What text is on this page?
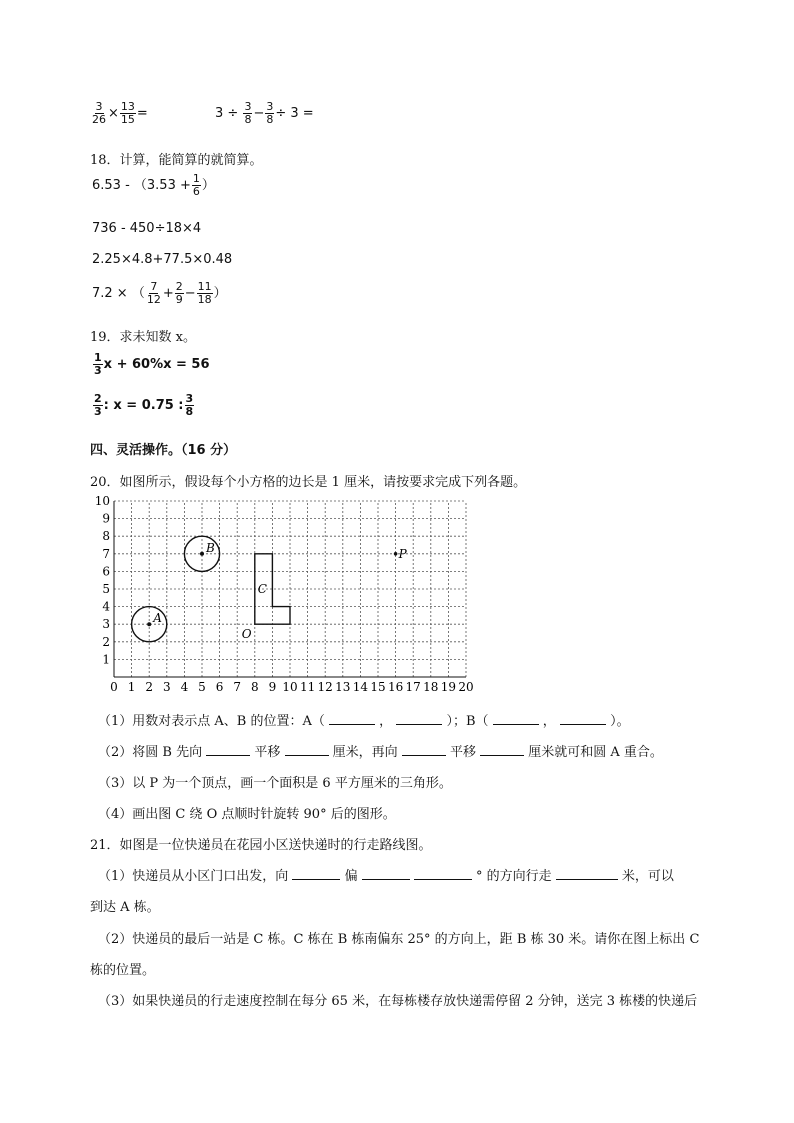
$\frac{3}{26} \times \frac{13}{15}$ =	$3 \div \frac{3}{8} - \frac{3}{8} \div 3$ =
18．计算，能简算的就简算。
$6.53 - (3.53 + \frac{1}{6}$ ）
736 - 450÷18×4
2.25×4.8+77.5×0.48
7.2 × （ $\frac{7}{12} + \frac{2}{9} - \frac{11}{18}$ ）
19．求未知数 x。
$\frac{1}{3}$ x + 60%x = 56
$\frac{2}{3}$ : x = 0.75 : $\frac{3}{8}$
四、灵活操作。（16 分）
20．如图所示，假设每个小方格的边长是 1 厘米，请按要求完成下列各题。
0 1 2 3 4 5 6 7 8 9 10 11 12 13 14 15 16 17 18 19 20
1
2
3
4
5
6
7
8
9
10
A
B	P
C
O
（1）用数对表示点 A、B 的位置：A（	，	）；B（	，	）。
（2）将圆 B 先向	平移	厘米，再向	平移	厘米就可和圆 A 重合。
（3）以 P 为一个顶点，画一个面积是 6 平方厘米的三角形。
（4）画出图 C 绕 O 点顺时针旋转 90° 后的图形。
21．如图是一位快递员在花园小区送快递时的行走路线图。
（1）快递员从小区门口出发，向	偏	° 的方向行走	米，可以
到达 A 栋。
（2）快递员的最后一站是 C 栋。C 栋在 B 栋南偏东 25° 的方向上，距 B 栋 30 米。请你在图上标出 C
栋的位置。
（3）如果快递员的行走速度控制在每分 65 米，在每栋楼存放快递需停留 2 分钟，送完 3 栋楼的快递后
